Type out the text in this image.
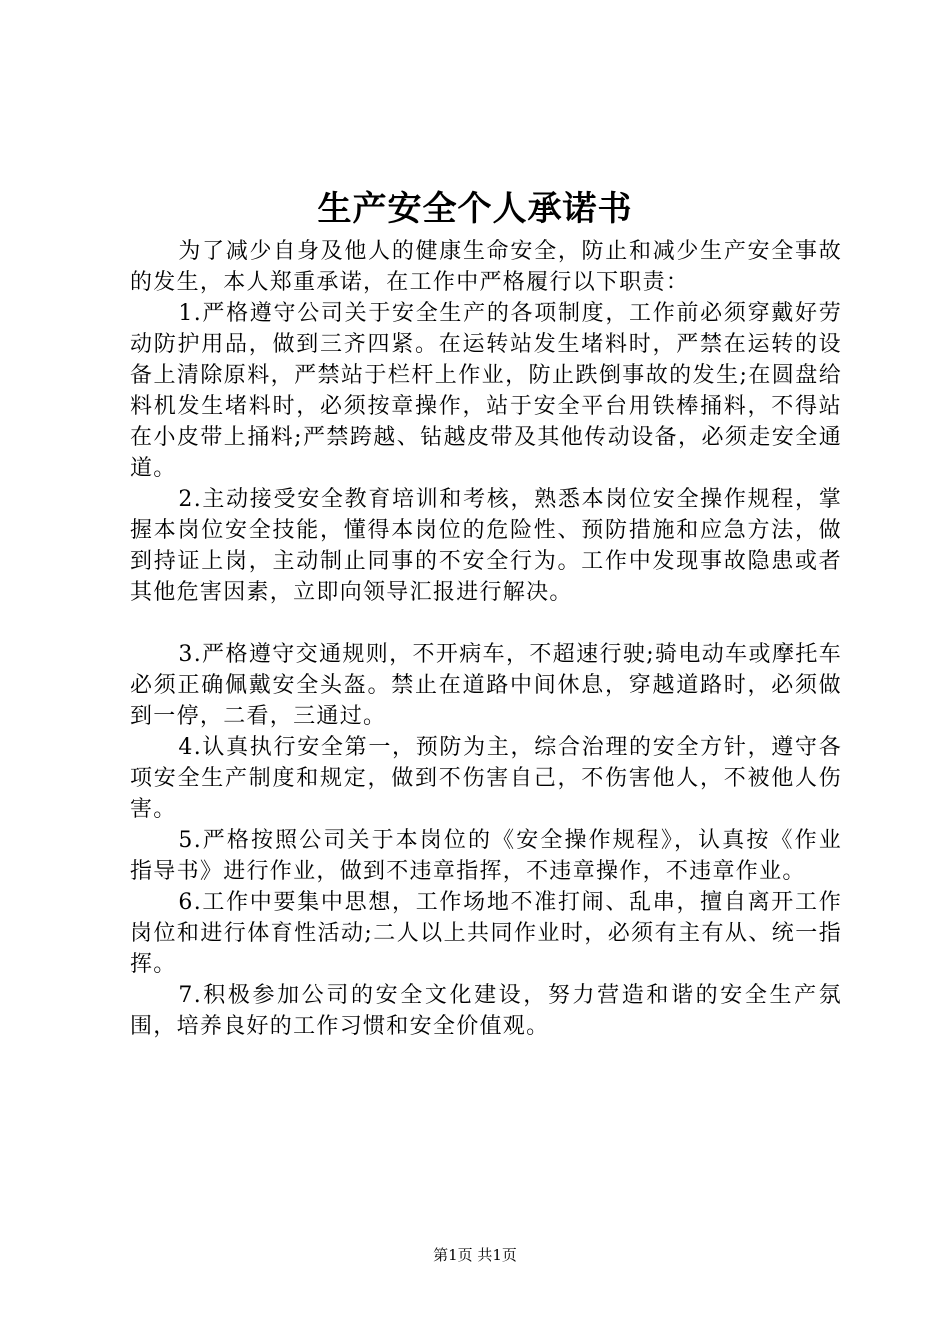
生产安全个人承诺书

为了减少自身及他人的健康生命安全，防止和减少生产安全事故的发生，本人郑重承诺，在工作中严格履行以下职责：

1.严格遵守公司关于安全生产的各项制度，工作前必须穿戴好劳动防护用品，做到三齐四紧。在运转站发生堵料时，严禁在运转的设备上清除原料，严禁站于栏杆上作业，防止跌倒事故的发生;在圆盘给料机发生堵料时，必须按章操作，站于安全平台用铁棒捅料，不得站在小皮带上捅料;严禁跨越、钻越皮带及其他传动设备，必须走安全通道。

2.主动接受安全教育培训和考核，熟悉本岗位安全操作规程，掌握本岗位安全技能，懂得本岗位的危险性、预防措施和应急方法，做到持证上岗，主动制止同事的不安全行为。工作中发现事故隐患或者其他危害因素，立即向领导汇报进行解决。

3.严格遵守交通规则，不开病车，不超速行驶;骑电动车或摩托车必须正确佩戴安全头盔。禁止在道路中间休息，穿越道路时，必须做到一停，二看，三通过。

4.认真执行安全第一，预防为主，综合治理的安全方针，遵守各项安全生产制度和规定，做到不伤害自己，不伤害他人，不被他人伤害。

5.严格按照公司关于本岗位的《安全操作规程》，认真按《作业指导书》进行作业，做到不违章指挥，不违章操作，不违章作业。

6.工作中要集中思想，工作场地不准打闹、乱串，擅自离开工作岗位和进行体育性活动;二人以上共同作业时，必须有主有从、统一指挥。

7.积极参加公司的安全文化建设，努力营造和谐的安全生产氛围，培养良好的工作习惯和安全价值观。

第1页 共1页
